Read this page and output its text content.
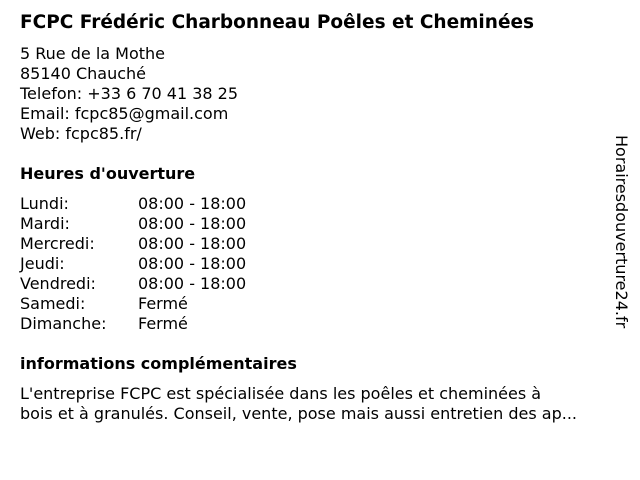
FCPC Frédéric Charbonneau Poêles et Cheminées
5 Rue de la Mothe
85140 Chauché
Telefon: +33 6 70 41 38 25
Email: fcpc85@gmail.com
Web: fcpc85.fr/
Heures d'ouverture
Lundi:	08:00 - 18:00
Mardi:	08:00 - 18:00
Mercredi:	08:00 - 18:00
Jeudi:	08:00 - 18:00
Vendredi:	08:00 - 18:00
Samedi:	Fermé
Dimanche:	Fermé
informations complémentaires
L'entreprise FCPC est spécialisée dans les poêles et cheminées à
bois et à granulés. Conseil, vente, pose mais aussi entretien des ap...
Horairesdouverture24.fr
